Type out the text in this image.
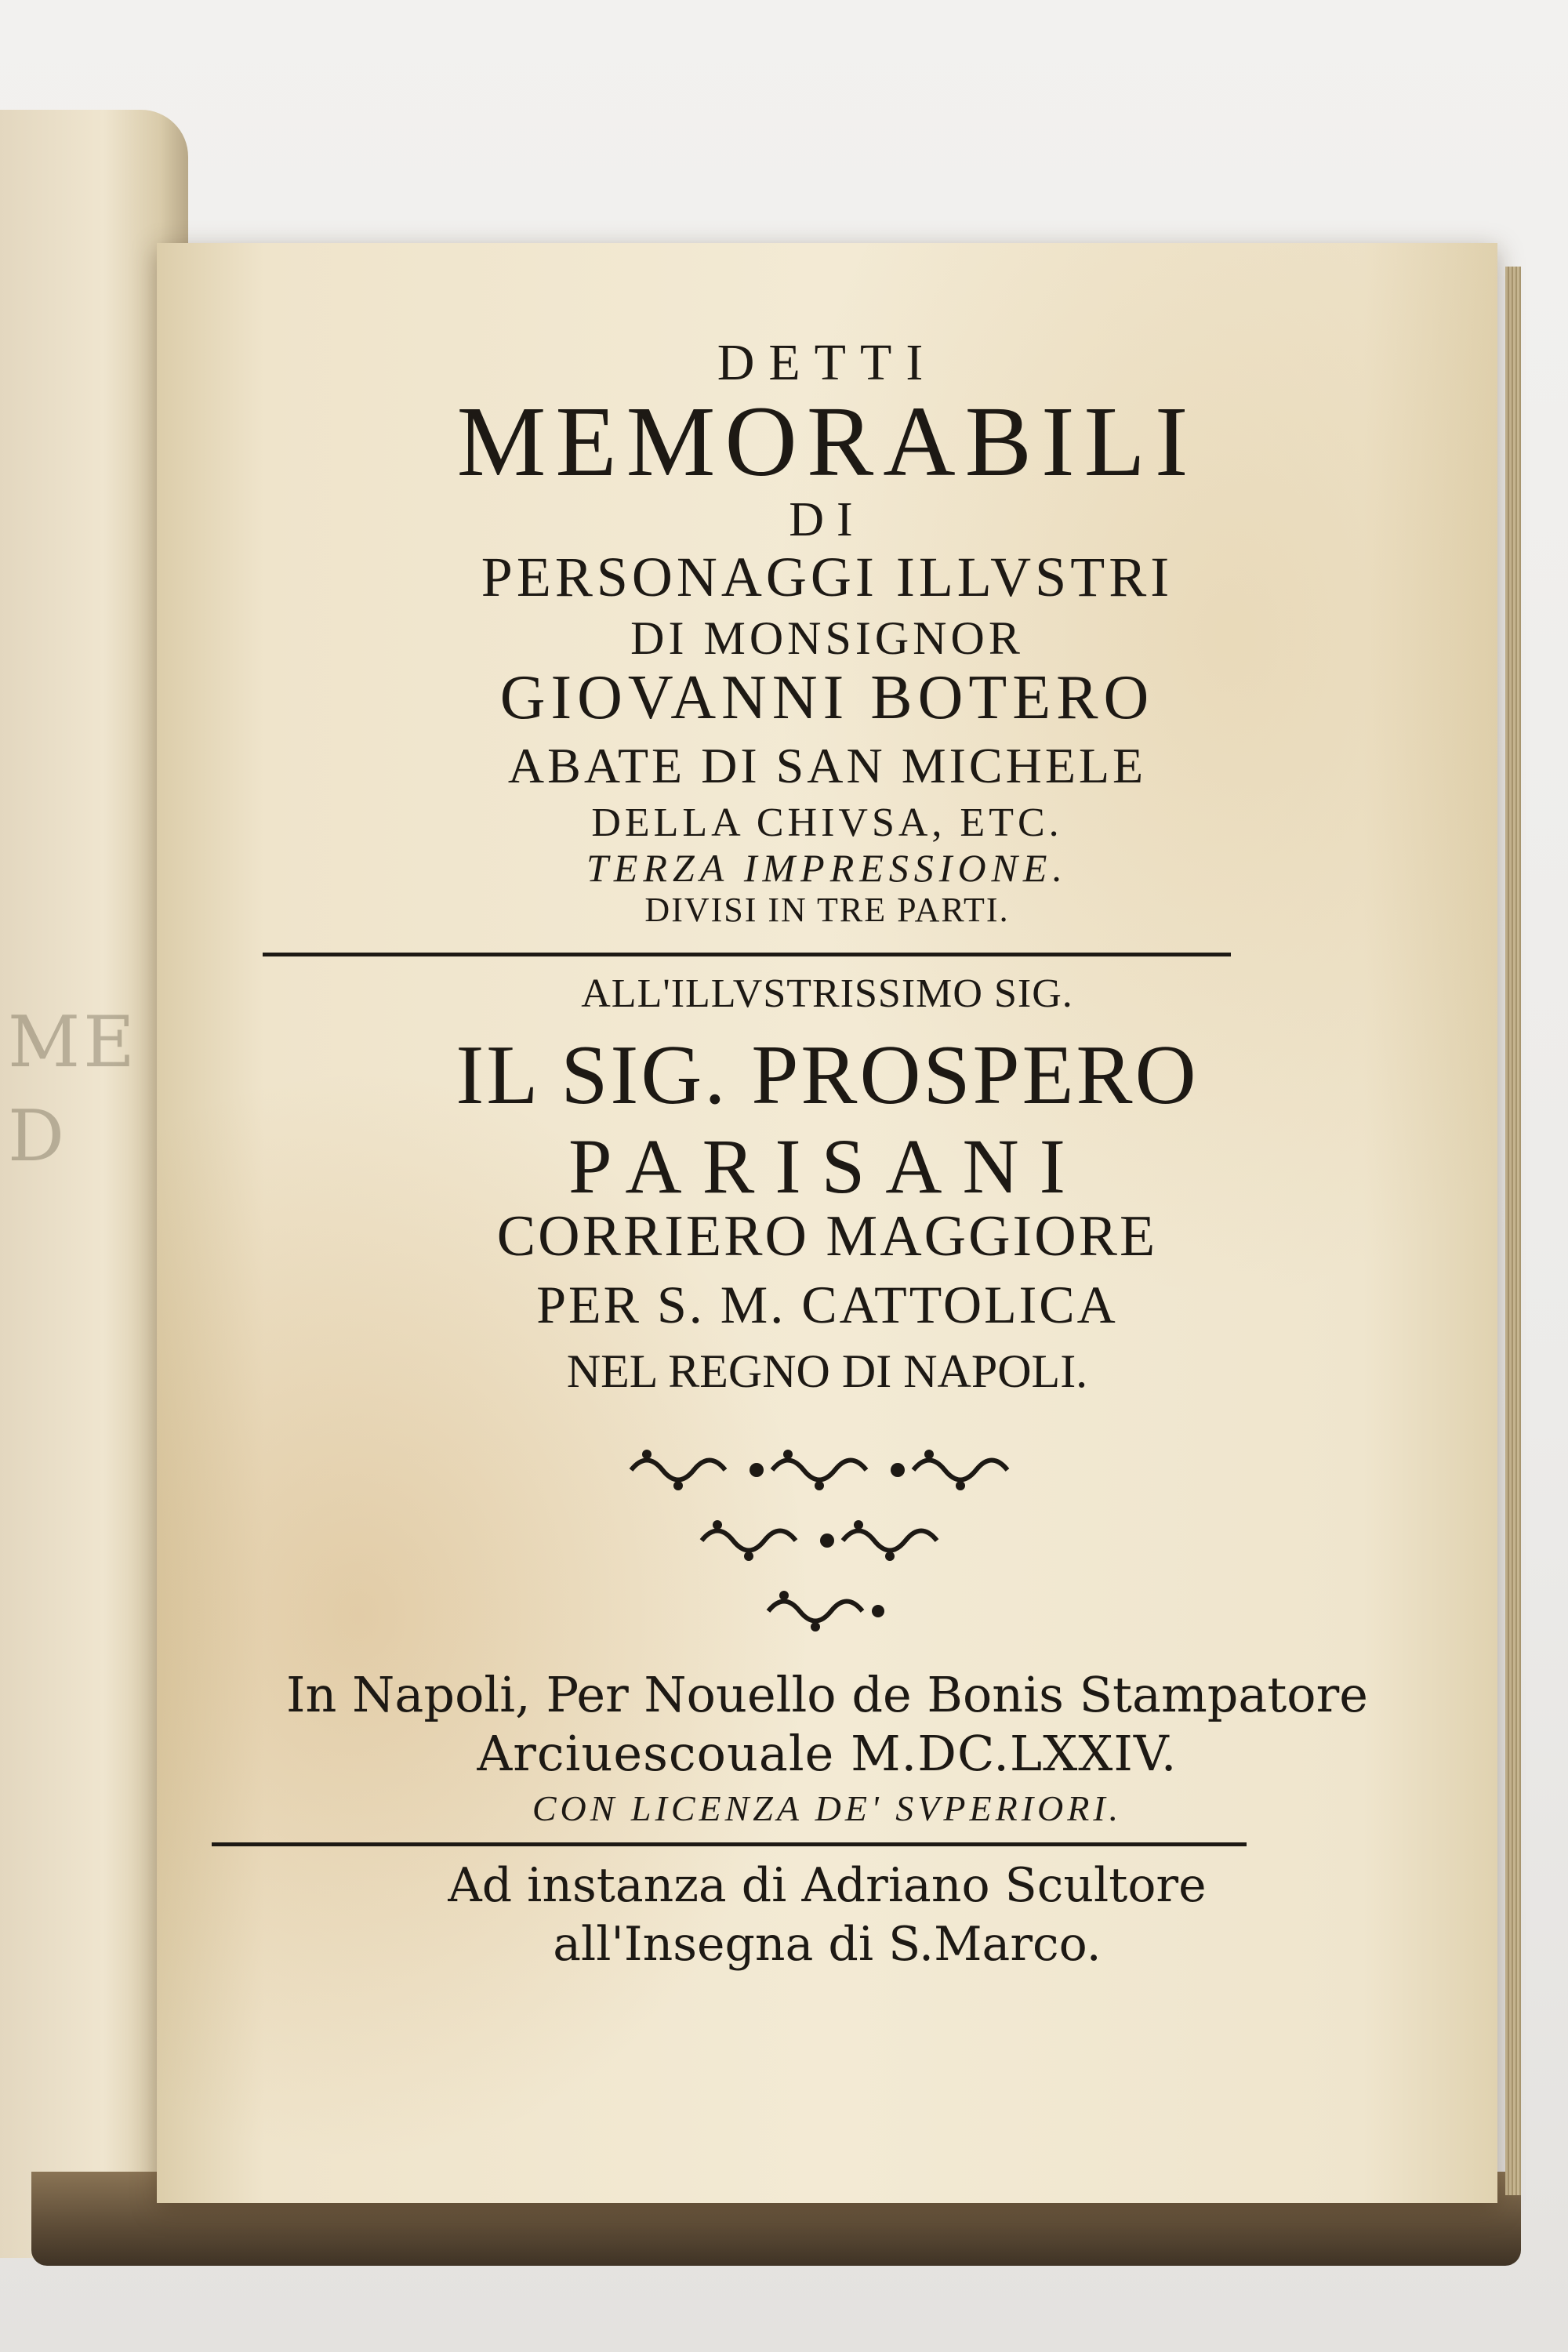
ME
D
DETTI
MEMORABILI
DI
PERSONAGGI ILLVSTRI
DI MONSIGNOR
GIOVANNI BOTERO
ABATE DI SAN MICHELE
DELLA CHIVSA, ETC.
TERZA IMPRESSIONE.
DIVISI IN TRE PARTI.
ALL'ILLVSTRISSIMO SIG.
IL SIG. PROSPERO
PARISANI
CORRIERO MAGGIORE
PER S. M. CATTOLICA
NEL REGNO DI NAPOLI.
In Napoli, Per Nouello de Bonis Stampatore
Arciuescouale M.DC.LXXIV.
CON LICENZA DE' SVPERIORI.
Ad instanza di Adriano Scultore
all'Insegna di S.Marco.
